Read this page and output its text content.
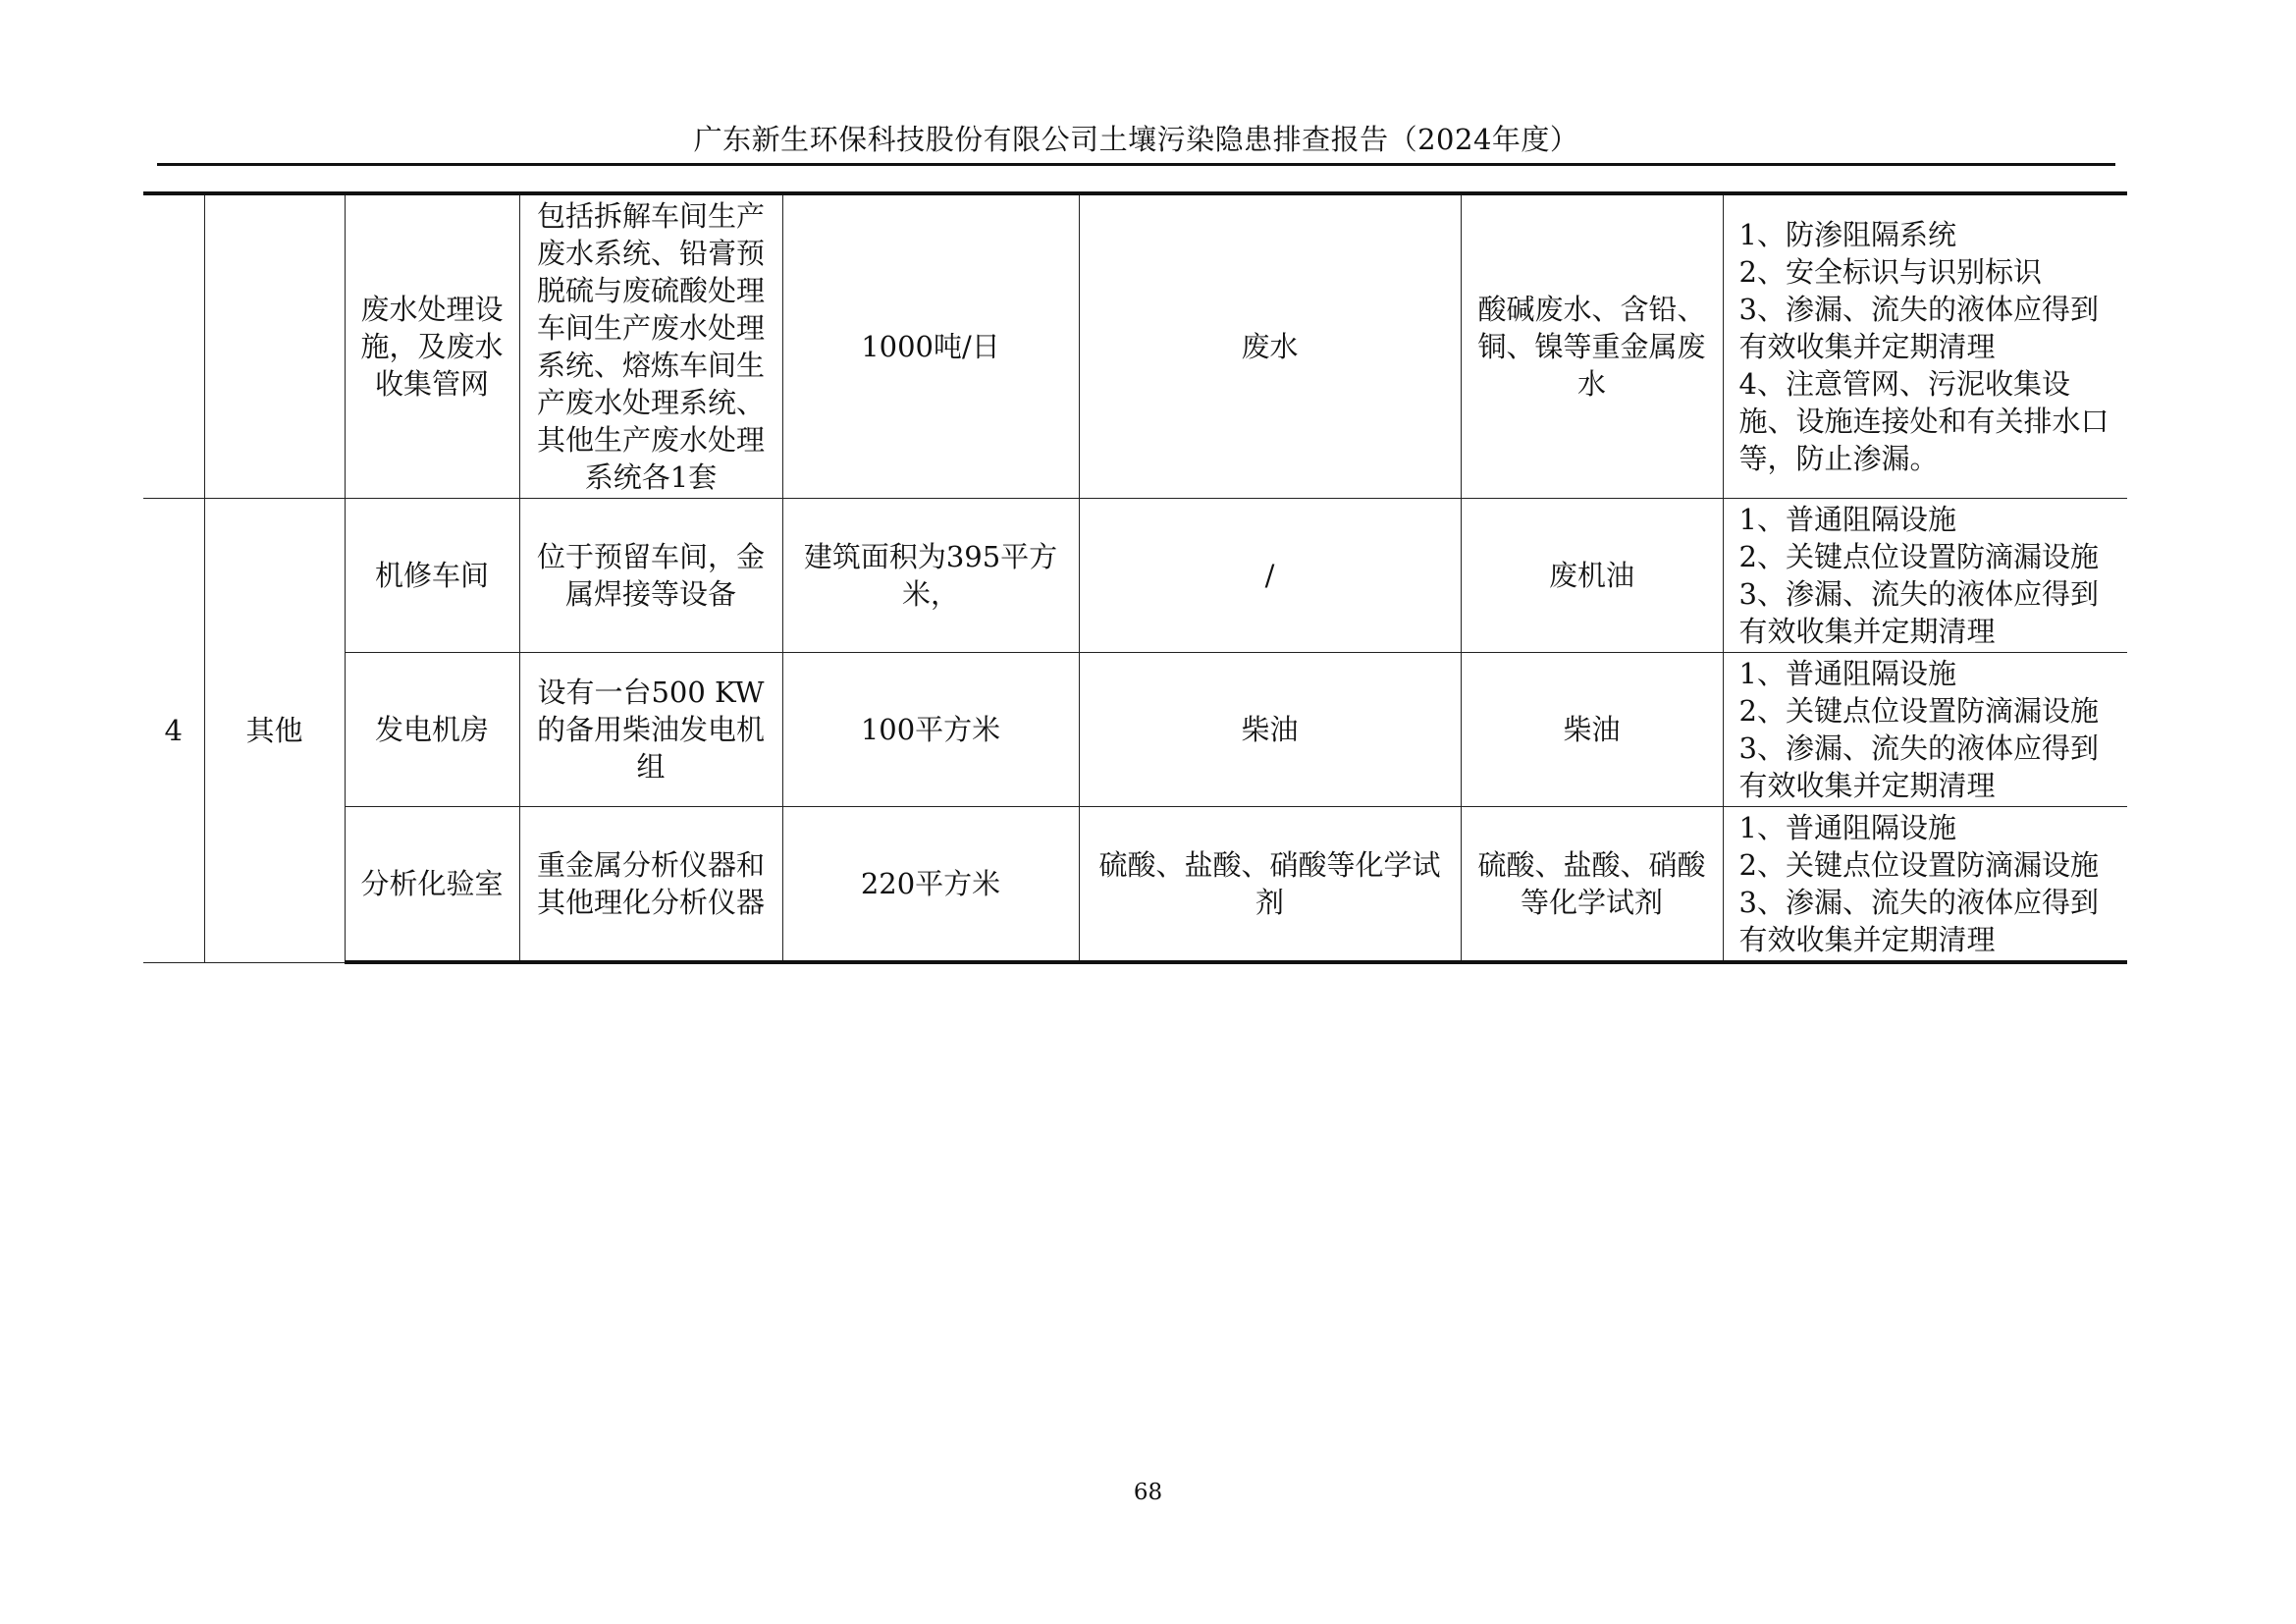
广东新生环保科技股份有限公司土壤污染隐患排查报告（2024年度）
		废水处理设施，及废水收集管网	包括拆解车间生产废水系统、铅膏预脱硫与废硫酸处理车间生产废水处理系统、熔炼车间生产废水处理系统、其他生产废水处理系统各1套	1000吨/日	废水	酸碱废水、含铅、铜、镍等重金属废水	1、防渗阻隔系统
2、安全标识与识别标识
3、渗漏、流失的液体应得到有效收集并定期清理
4、注意管网、污泥收集设施、设施连接处和有关排水口等，防止渗漏。

4	其他	机修车间	位于预留车间，金属焊接等设备	建筑面积为395平方米，	/	废机油	1、普通阻隔设施
2、关键点位设置防滴漏设施
3、渗漏、流失的液体应得到有效收集并定期清理

		发电机房	设有一台500 KW的备用柴油发电机组	100平方米	柴油	柴油	1、普通阻隔设施
2、关键点位设置防滴漏设施
3、渗漏、流失的液体应得到有效收集并定期清理

		分析化验室	重金属分析仪器和其他理化分析仪器	220平方米	硫酸、盐酸、硝酸等化学试剂	硫酸、盐酸、硝酸等化学试剂	1、普通阻隔设施
2、关键点位设置防滴漏设施
3、渗漏、流失的液体应得到有效收集并定期清理
68
